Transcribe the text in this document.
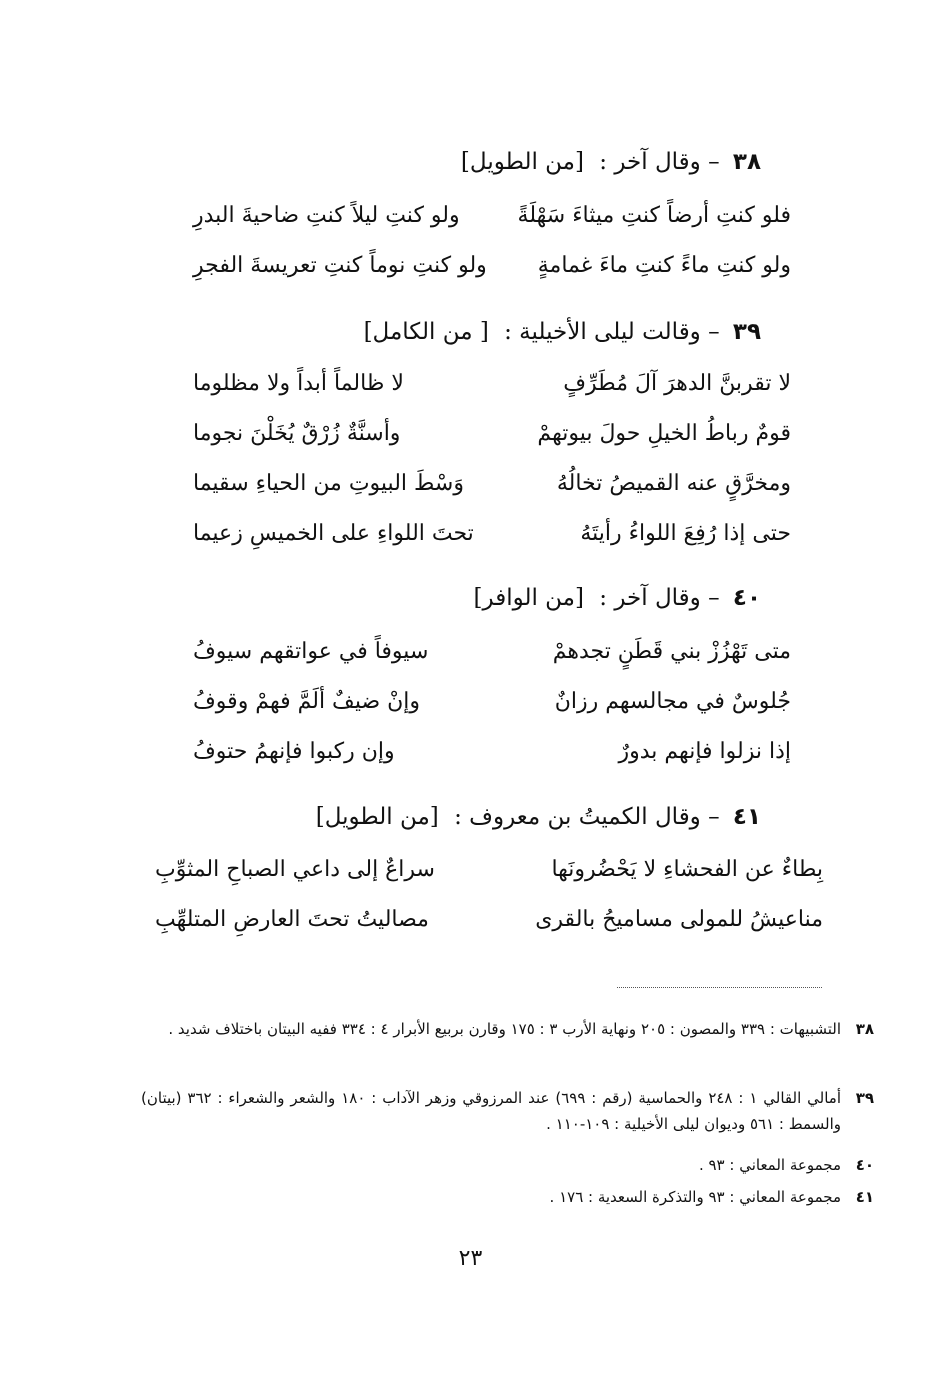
٣٨ – وقال آخر : [من الطويل]
فلو كنتِ أرضاً كنتِ ميثاءَ سَهْلَةً
ولو كنتِ ليلاً كنتِ ضاحيةَ البدرِ
ولو كنتِ ماءً كنتِ ماءَ غمامةٍ
ولو كنتِ نوماً كنتِ تعريسةَ الفجرِ
٣٩ – وقالت ليلى الأخيلية : [ من الكامل]
لا تقربنَّ الدهرَ آلَ مُطَرِّفٍ
لا ظالماً أبداً ولا مظلوما
قومٌ رباطُ الخيلِ حولَ بيوتهمْ
وأسنَّةٌ زُرْقٌ يُخَلْنَ نجوما
ومخرَّقٍ عنه القميصُ تخالُهُ
وَسْطَ البيوتِ من الحياءِ سقيما
حتى إذا رُفِعَ اللواءُ رأيتَهُ
تحتَ اللواءِ على الخميسِ زعيما
٤٠ – وقال آخر : [من الوافر]
متى تَهْزُزْ بني قَطَنٍ تجدهمْ
سيوفاً في عواتقهم سيوفُ
جُلوسٌ في مجالسهم رزانٌ
وإنْ ضيفٌ ألَمَّ فهمْ وقوفُ
إذا نزلوا فإنهم بدورٌ
وإن ركبوا فإنهمُ حتوفُ
٤١ – وقال الكميتُ بن معروف : [من الطويل]
بِطاءٌ عن الفحشاءِ لا يَحْضُرونَها
سراعٌ إلى داعي الصباحِ المثوِّبِ
مناعيشُ للمولى مساميحُ بالقرى
مصاليتُ تحتَ العارضِ المتلهِّبِ
٣٨
التشبيهات : ٣٣٩ والمصون : ٢٠٥ ونهاية الأرب ٣ : ١٧٥ وقارن بربيع الأبرار ٤ : ٣٣٤ ففيه البيتان باختلاف شديد .
٣٩
أمالي القالي ١ : ٢٤٨ والحماسية (رقم : ٦٩٩) عند المرزوقي وزهر الآداب : ١٨٠ والشعر والشعراء : ٣٦٢ (بيتان) والسمط : ٥٦١ وديوان ليلى الأخيلية : ١٠٩-١١٠ .
٤٠
مجموعة المعاني : ٩٣ .
٤١
مجموعة المعاني : ٩٣ والتذكرة السعدية : ١٧٦ .
٢٣
